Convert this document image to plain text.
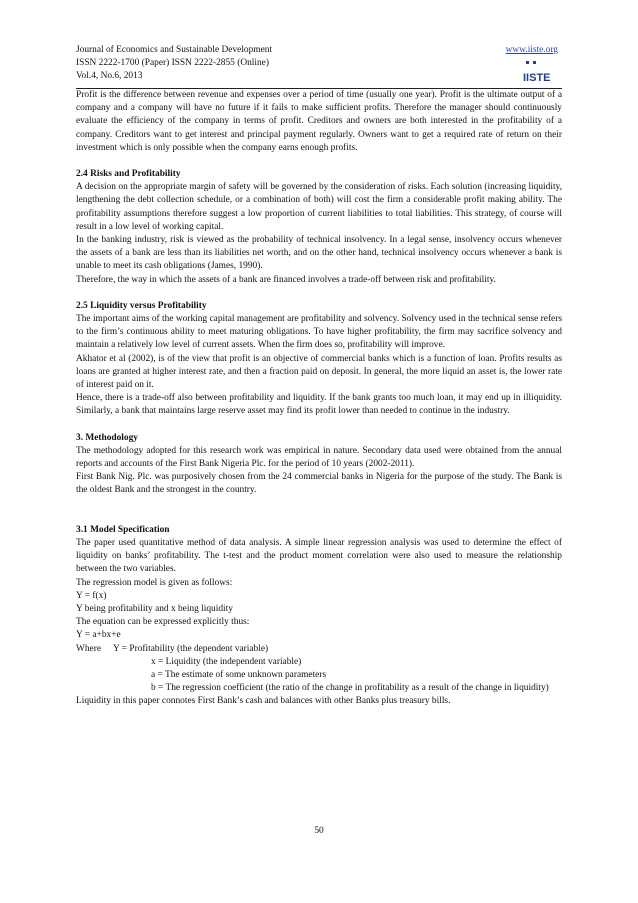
Journal of Economics and Sustainable Development
ISSN 2222-1700 (Paper) ISSN 2222-2855 (Online)
Vol.4, No.6, 2013
www.iiste.org
IISTE

Profit is the difference between revenue and expenses over a period of time (usually one year). Profit is the ultimate output of a company and a company will have no future if it fails to make sufficient profits. Therefore the manager should continuously evaluate the efficiency of the company in terms of profit. Creditors and owners are both interested in the profitability of a company. Creditors want to get interest and principal payment regularly. Owners want to get a required rate of return on their investment which is only possible when the company earns enough profits.

2.4 Risks and Profitability

A decision on the appropriate margin of safety will be governed by the consideration of risks. Each solution (increasing liquidity, lengthening the debt collection schedule, or a combination of both) will cost the firm a considerable profit making ability. The profitability assumptions therefore suggest a low proportion of current liabilities to total liabilities. This strategy, of course will result in a low level of working capital.

In the banking industry, risk is viewed as the probability of technical insolvency. In a legal sense, insolvency occurs whenever the assets of a bank are less than its liabilities net worth, and on the other hand, technical insolvency occurs whenever a bank is unable to meet its cash obligations (James, 1990).

Therefore, the way in which the assets of a bank are financed involves a trade-off between risk and profitability.

2.5 Liquidity versus Profitability

The important aims of the working capital management are profitability and solvency. Solvency used in the technical sense refers to the firm’s continuous ability to meet maturing obligations. To have higher profitability, the firm may sacrifice solvency and maintain a relatively low level of current assets. When the firm does so, profitability will improve.

Akhator et al (2002), is of the view that profit is an objective of commercial banks which is a function of loan. Profits results as loans are granted at higher interest rate, and then a fraction paid on deposit. In general, the more liquid an asset is, the lower rate of interest paid on it.

Hence, there is a trade-off also between profitability and liquidity. If the bank grants too much loan, it may end up in illiquidity. Similarly, a bank that maintains large reserve asset may find its profit lower than needed to continue in the industry.

3. Methodology

The methodology adopted for this research work was empirical in nature. Secondary data used were obtained from the annual reports and accounts of the First Bank Nigeria Plc. for the period of 10 years (2002-2011).

First Bank Nig. Plc. was purposively chosen from the 24 commercial banks in Nigeria for the purpose of the study. The Bank is the oldest Bank and the strongest in the country.

3.1 Model Specification

The paper used quantitative method of data analysis. A simple linear regression analysis was used to determine the effect of liquidity on banks’ profitability. The t-test and the product moment correlation were also used to measure the relationship between the two variables.

The regression model is given as follows:

Y = f(x)

Y being profitability and x being liquidity

The equation can be expressed explicitly thus:

Y = a+bx+e

Where Y = Profitability (the dependent variable)

x = Liquidity (the independent variable)

a = The estimate of some unknown parameters

b = The regression coefficient (the ratio of the change in profitability as a result of the change in liquidity)

Liquidity in this paper connotes First Bank’s cash and balances with other Banks plus treasury bills.

50
